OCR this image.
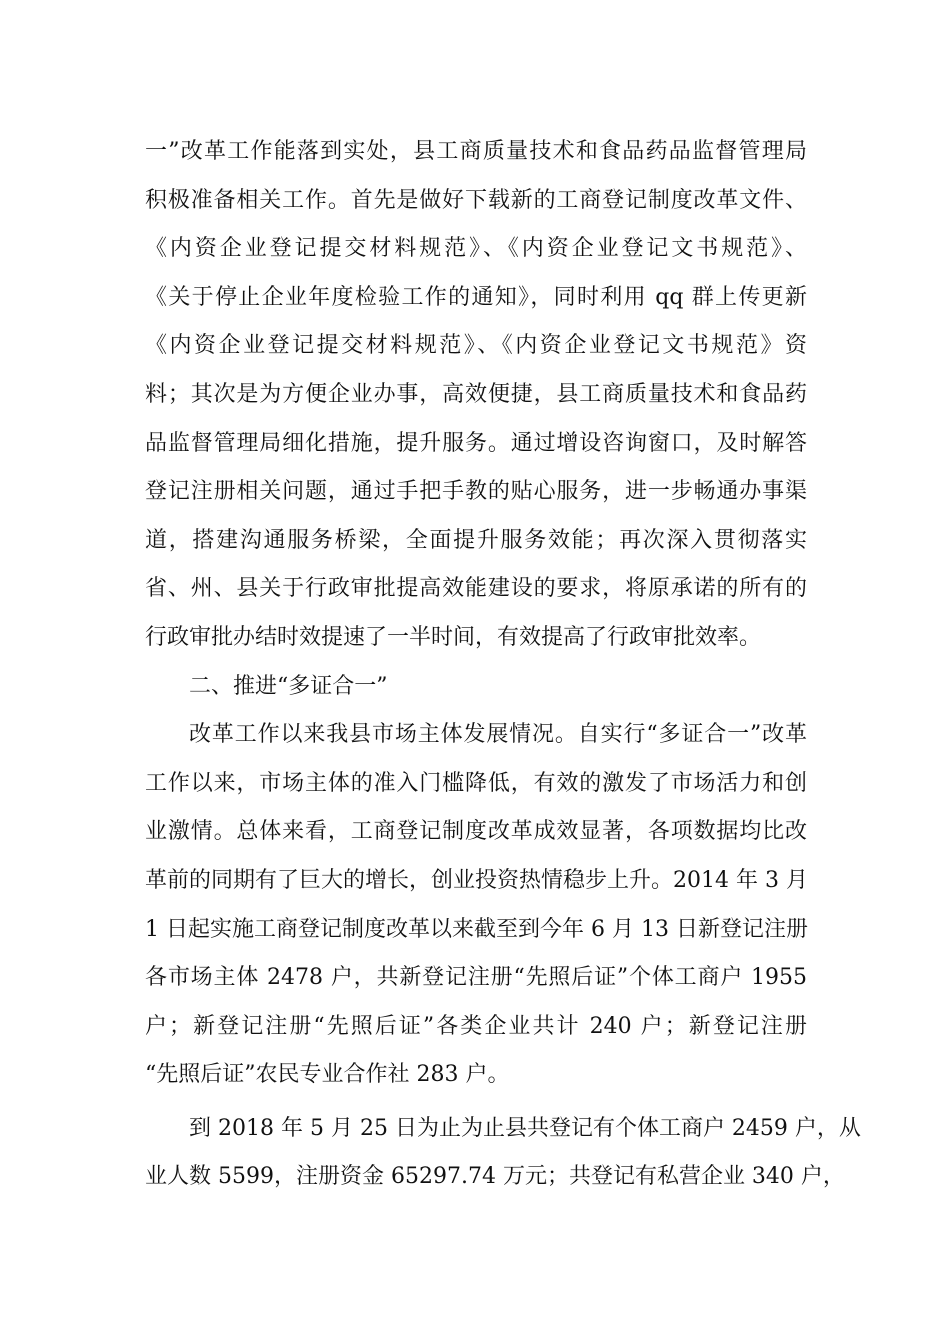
一”改革工作能落到实处，县工商质量技术和食品药品监督管理局
积极准备相关工作。首先是做好下载新的工商登记制度改革文件、
《内资企业登记提交材料规范》、《内资企业登记文书规范》、
《关于停止企业年度检验工作的通知》，同时利用 qq 群上传更新
《内资企业登记提交材料规范》、《内资企业登记文书规范》资
料；其次是为方便企业办事，高效便捷，县工商质量技术和食品药
品监督管理局细化措施，提升服务。通过增设咨询窗口，及时解答
登记注册相关问题，通过手把手教的贴心服务，进一步畅通办事渠
道，搭建沟通服务桥梁，全面提升服务效能；再次深入贯彻落实
省、州、县关于行政审批提高效能建设的要求，将原承诺的所有的
行政审批办结时效提速了一半时间，有效提高了行政审批效率。
二、推进“多证合一”
改革工作以来我县市场主体发展情况。自实行“多证合一”改革
工作以来，市场主体的准入门槛降低，有效的激发了市场活力和创
业激情。总体来看，工商登记制度改革成效显著，各项数据均比改
革前的同期有了巨大的增长，创业投资热情稳步上升。2014 年 3 月
1 日起实施工商登记制度改革以来截至到今年 6 月 13 日新登记注册
各市场主体 2478 户，共新登记注册“先照后证”个体工商户 1955
户；新登记注册“先照后证”各类企业共计 240 户；新登记注册
“先照后证”农民专业合作社 283 户。
到 2018 年 5 月 25 日为止为止县共登记有个体工商户 2459 户，从
业人数 5599，注册资金 65297.74 万元；共登记有私营企业 340 户，
